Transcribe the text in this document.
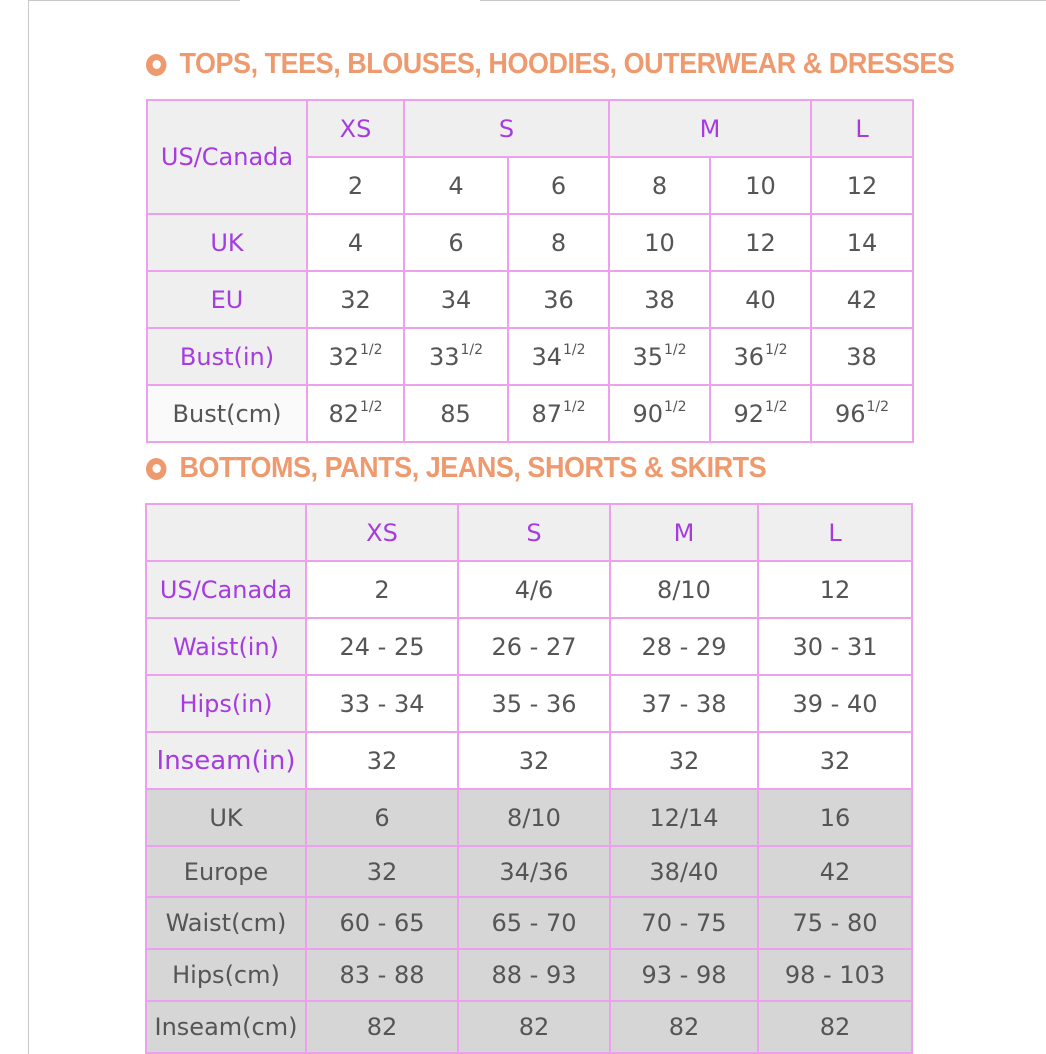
TOPS, TEES, BLOUSES, HOODIES, OUTERWEAR & DRESSES
US/Canada	XS	S		M		L
	2	4	6	8	10	12
UK	4	6	8	10	12	14
EU	32	34	36	38	40	42
Bust(in)	$32^{1/2}$	$33^{1/2}$	$34^{1/2}$	$35^{1/2}$	$36^{1/2}$	38
Bust(cm)	$82^{1/2}$	85	$87^{1/2}$	$90^{1/2}$	$92^{1/2}$	$96^{1/2}$
BOTTOMS, PANTS, JEANS, SHORTS & SKIRTS
	XS	S	M	L
US/Canada	2	4/6	8/10	12
Waist(in)	24 - 25	26 - 27	28 - 29	30 - 31
Hips(in)	33 - 34	35 - 36	37 - 38	39 - 40
Inseam(in)	32	32	32	32
UK	6	8/10	12/14	16
Europe	32	34/36	38/40	42
Waist(cm)	60 - 65	65 - 70	70 - 75	75 - 80
Hips(cm)	83 - 88	88 - 93	93 - 98	98 - 103
Inseam(cm)	82	82	82	82
